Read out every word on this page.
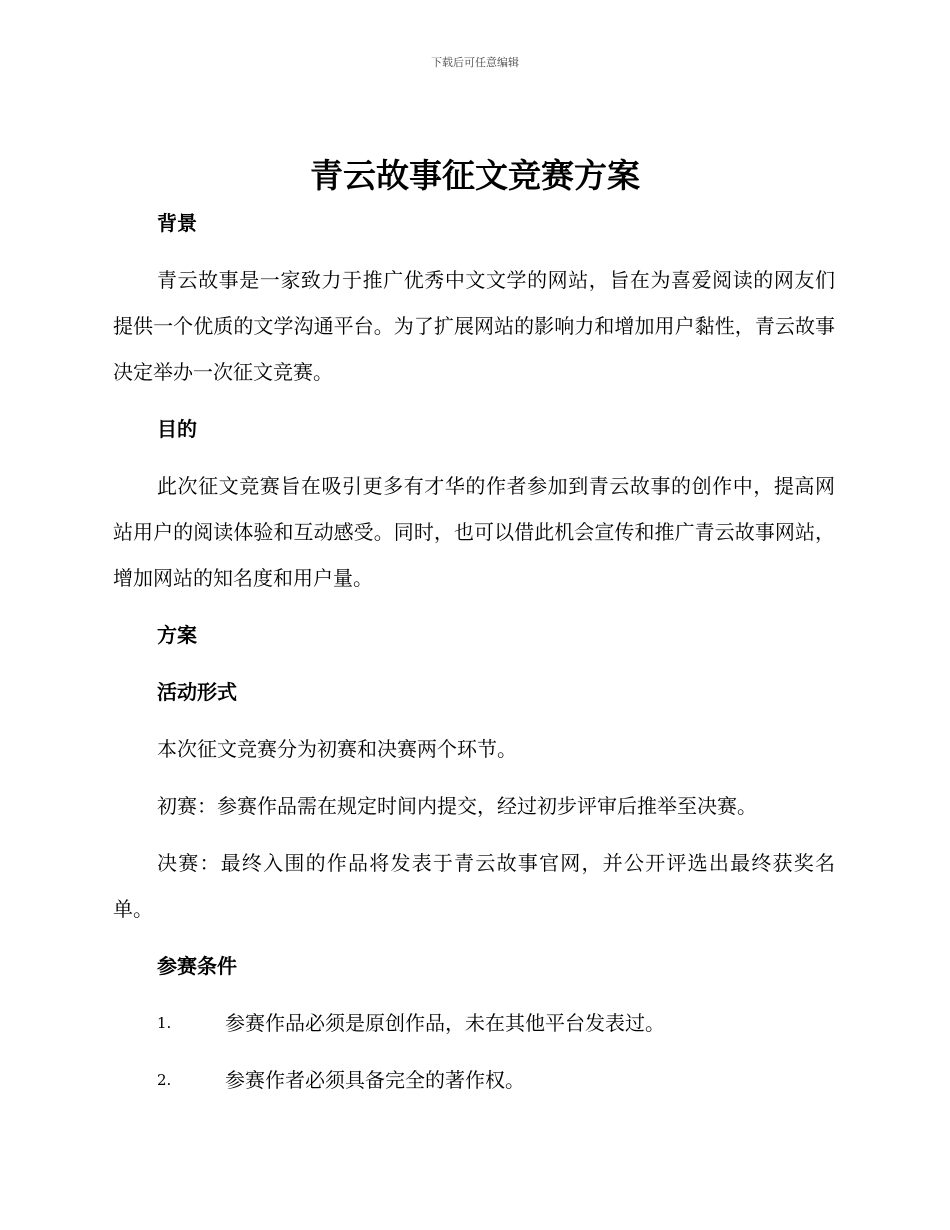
下载后可任意编辑
青云故事征文竞赛方案
背景

青云故事是一家致力于推广优秀中文文学的网站，旨在为喜爱阅读的网友们提供一个优质的文学沟通平台。为了扩展网站的影响力和增加用户黏性，青云故事决定举办一次征文竞赛。

目的

此次征文竞赛旨在吸引更多有才华的作者参加到青云故事的创作中，提高网站用户的阅读体验和互动感受。同时，也可以借此机会宣传和推广青云故事网站，增加网站的知名度和用户量。

方案
活动形式

本次征文竞赛分为初赛和决赛两个环节。

初赛：参赛作品需在规定时间内提交，经过初步评审后推举至决赛。

决赛：最终入围的作品将发表于青云故事官网，并公开评选出最终获奖名单。

参赛条件
1.	参赛作品必须是原创作品，未在其他平台发表过。
2.	参赛作者必须具备完全的著作权。
